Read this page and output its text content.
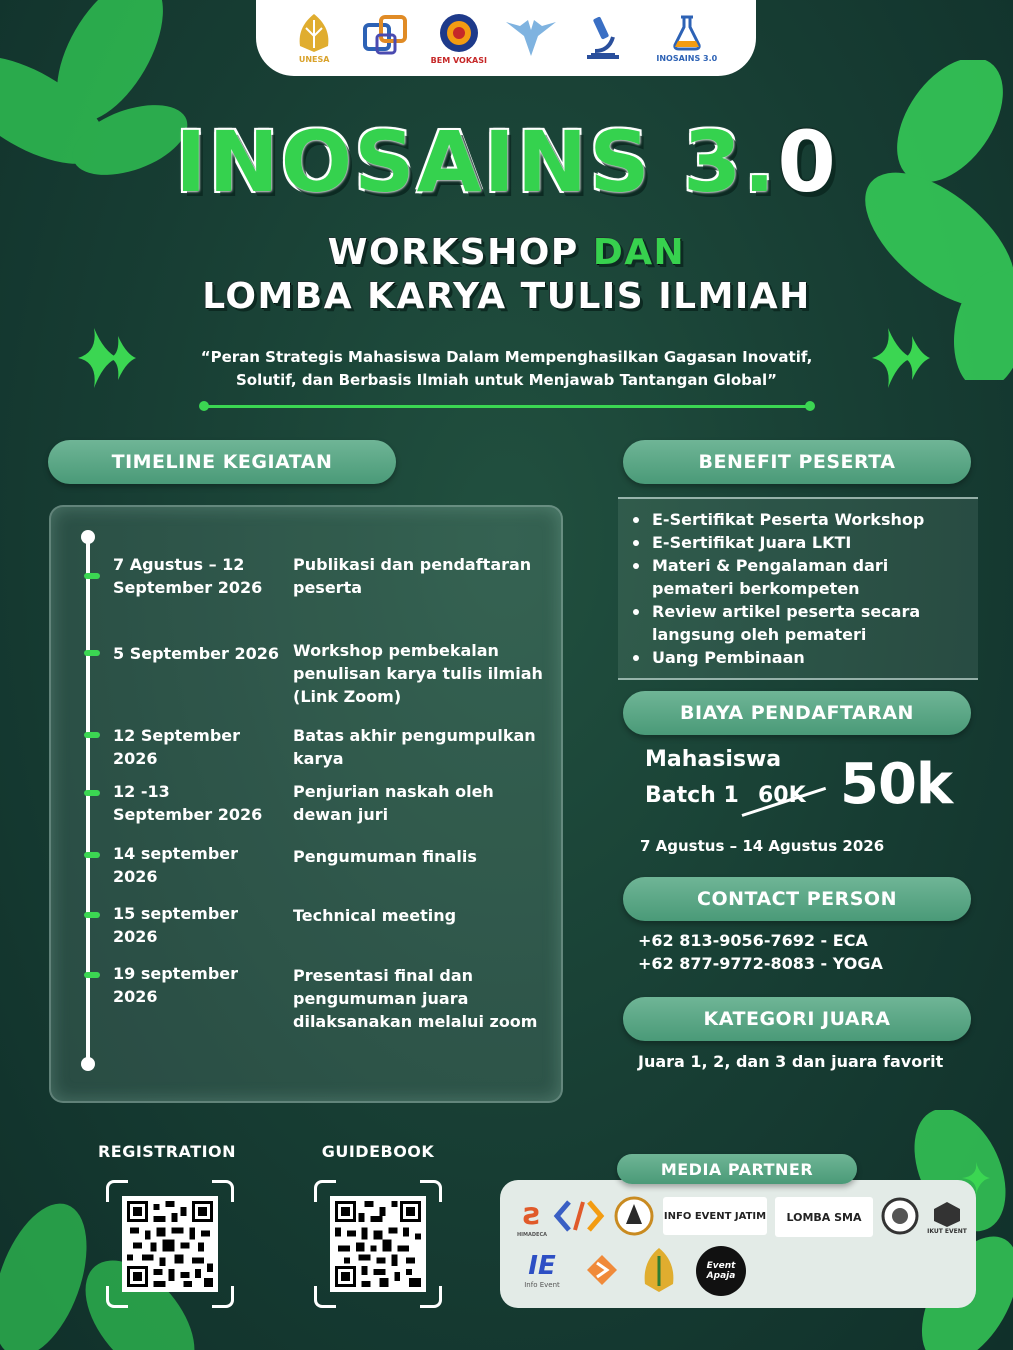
UNESA	BEM VOKASI	INOSAINS 3.0
INOSAINS 3.0
WORKSHOP DAN
LOMBA KARYA TULIS ILMIAH
“Peran Strategis Mahasiswa Dalam Mempenghasilkan Gagasan Inovatif,
Solutif, dan Berbasis Ilmiah untuk Menjawab Tantangan Global”
TIMELINE KEGIATAN
7 Agustus – 12 September 2026
Publikasi dan pendaftaran peserta
5 September 2026 Workshop pembekalan penulisan karya tulis ilmiah (Link Zoom)
12 September 2026
Batas akhir pengumpulkan karya
12 -13 September 2026
Penjurian naskah oleh dewan juri
14 september 2026
Pengumuman finalis
15 september 2026
Technical meeting
19 september 2026
Presentasi final dan pengumuman juara dilaksanakan melalui zoom
BENEFIT PESERTA
E-Sertifikat Peserta Workshop
E-Sertifikat Juara LKTI
Materi & Pengalaman dari pemateri berkompeten
Review artikel peserta secara langsung oleh pemateri
Uang Pembinaan
BIAYA PENDAFTARAN
Mahasiswa
Batch 1 60K 50k
7 Agustus – 14 Agustus 2026
CONTACT PERSON
+62 813-9056-7692 - ECA
+62 877-9772-8083 - YOGA
KATEGORI JUARA
Juara 1, 2, dan 3 dan juara favorit
REGISTRATION	GUIDEBOOK
MEDIA PARTNER
ƨ
HIMADECA
INFO EVENT JATIM LOMBA SMA
IKUT EVENT
IE
Info Event
Event Apaja
